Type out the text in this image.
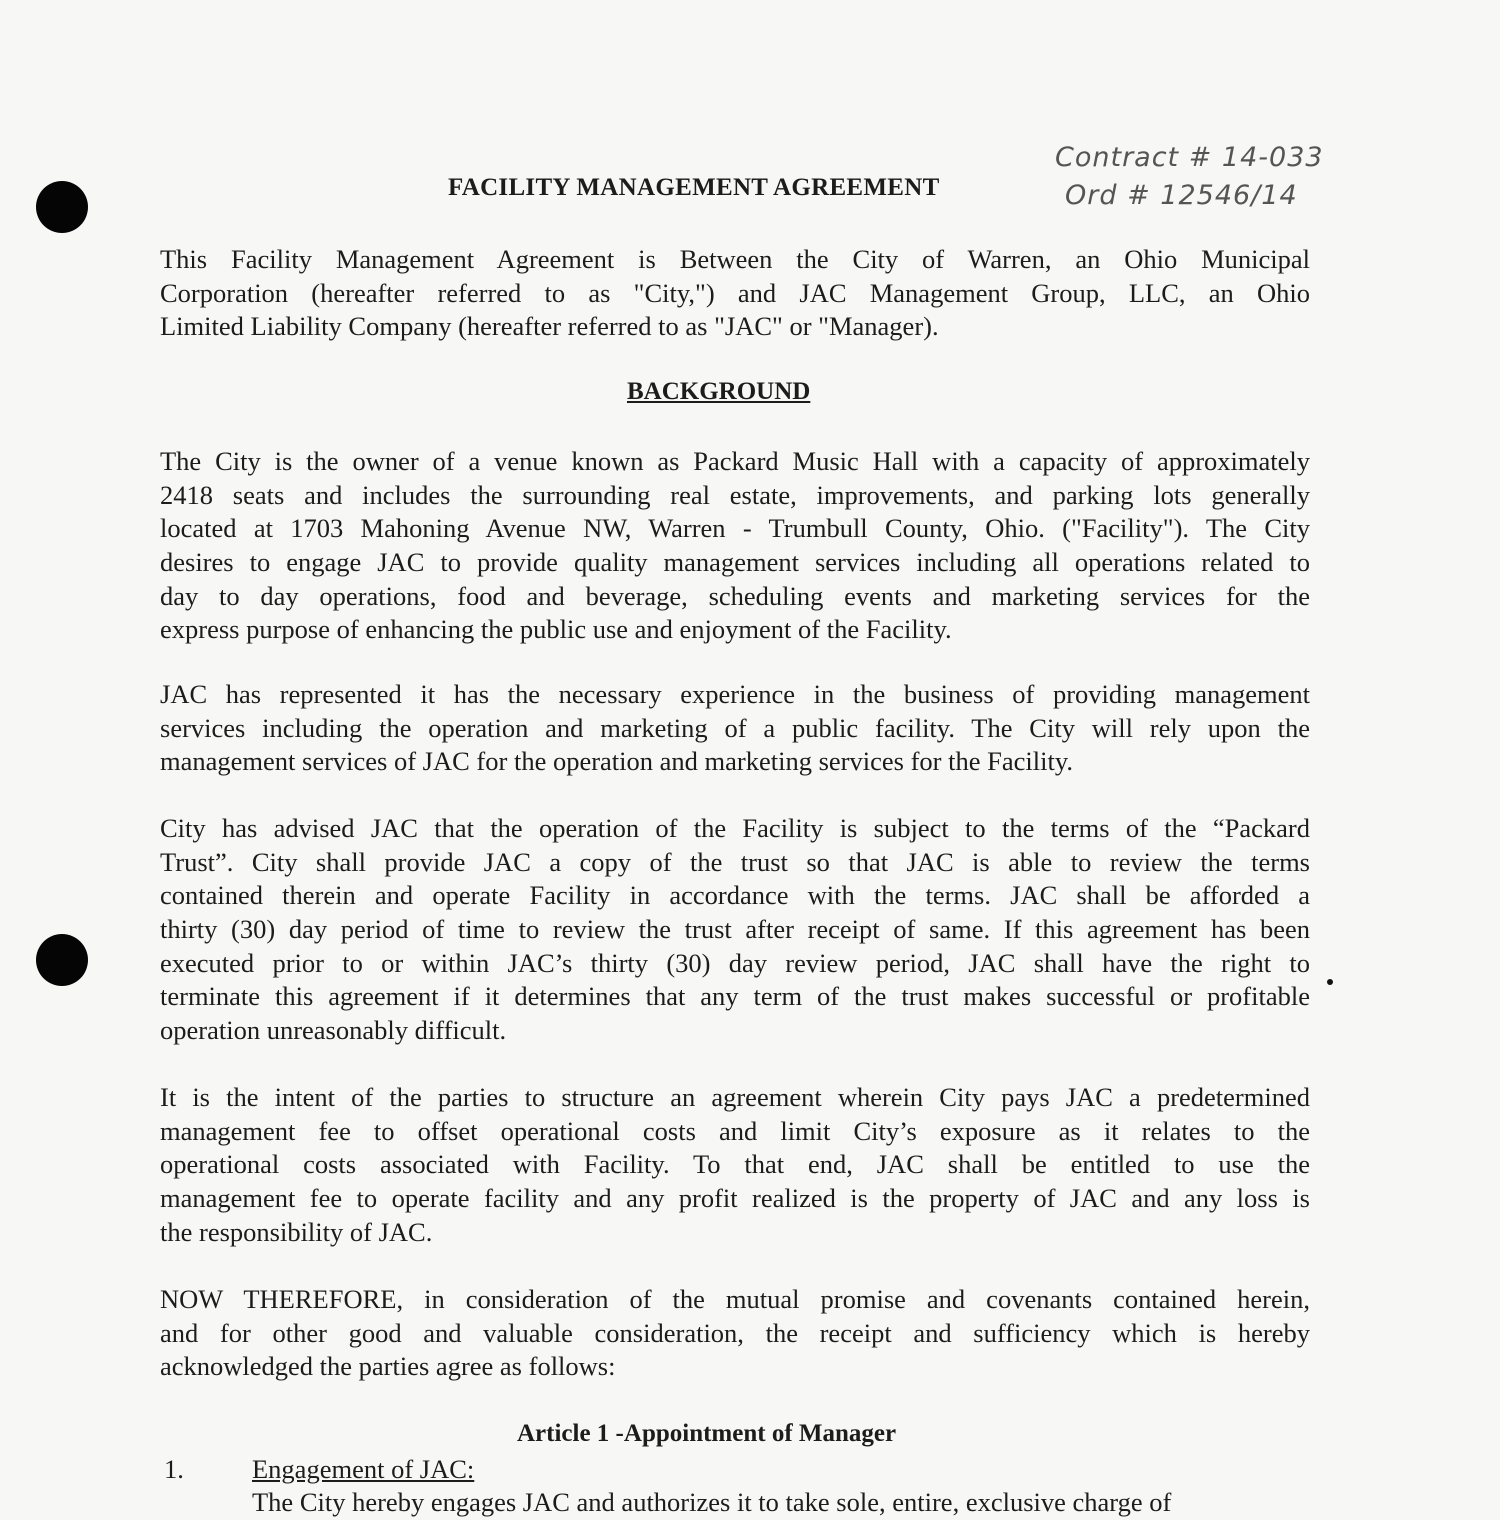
FACILITY MANAGEMENT AGREEMENT
Contract # 14-033
Ord # 12546/14
This Facility Management Agreement is Between the City of Warren, an Ohio Municipal
Corporation (hereafter referred to as "City,") and JAC Management Group, LLC, an Ohio
Limited Liability Company (hereafter referred to as "JAC" or "Manager).
BACKGROUND
The City is the owner of a venue known as Packard Music Hall with a capacity of approximately
2418 seats and includes the surrounding real estate, improvements, and parking lots generally
located at 1703 Mahoning Avenue NW, Warren - Trumbull County, Ohio. ("Facility"). The City
desires to engage JAC to provide quality management services including all operations related to
day to day operations, food and beverage, scheduling events and marketing services for the
express purpose of enhancing the public use and enjoyment of the Facility.
JAC has represented it has the necessary experience in the business of providing management
services including the operation and marketing of a public facility. The City will rely upon the
management services of JAC for the operation and marketing services for the Facility.
City has advised JAC that the operation of the Facility is subject to the terms of the “Packard
Trust”. City shall provide JAC a copy of the trust so that JAC is able to review the terms
contained therein and operate Facility in accordance with the terms. JAC shall be afforded a
thirty (30) day period of time to review the trust after receipt of same. If this agreement has been
executed prior to or within JAC’s thirty (30) day review period, JAC shall have the right to
terminate this agreement if it determines that any term of the trust makes successful or profitable
operation unreasonably difficult.
It is the intent of the parties to structure an agreement wherein City pays JAC a predetermined
management fee to offset operational costs and limit City’s exposure as it relates to the
operational costs associated with Facility. To that end, JAC shall be entitled to use the
management fee to operate facility and any profit realized is the property of JAC and any loss is
the responsibility of JAC.
NOW THEREFORE, in consideration of the mutual promise and covenants contained herein,
and for other good and valuable consideration, the receipt and sufficiency which is hereby
acknowledged the parties agree as follows:
Article 1 -Appointment of Manager
1.	Engagement of JAC:
The City hereby engages JAC and authorizes it to take sole, entire, exclusive charge of
